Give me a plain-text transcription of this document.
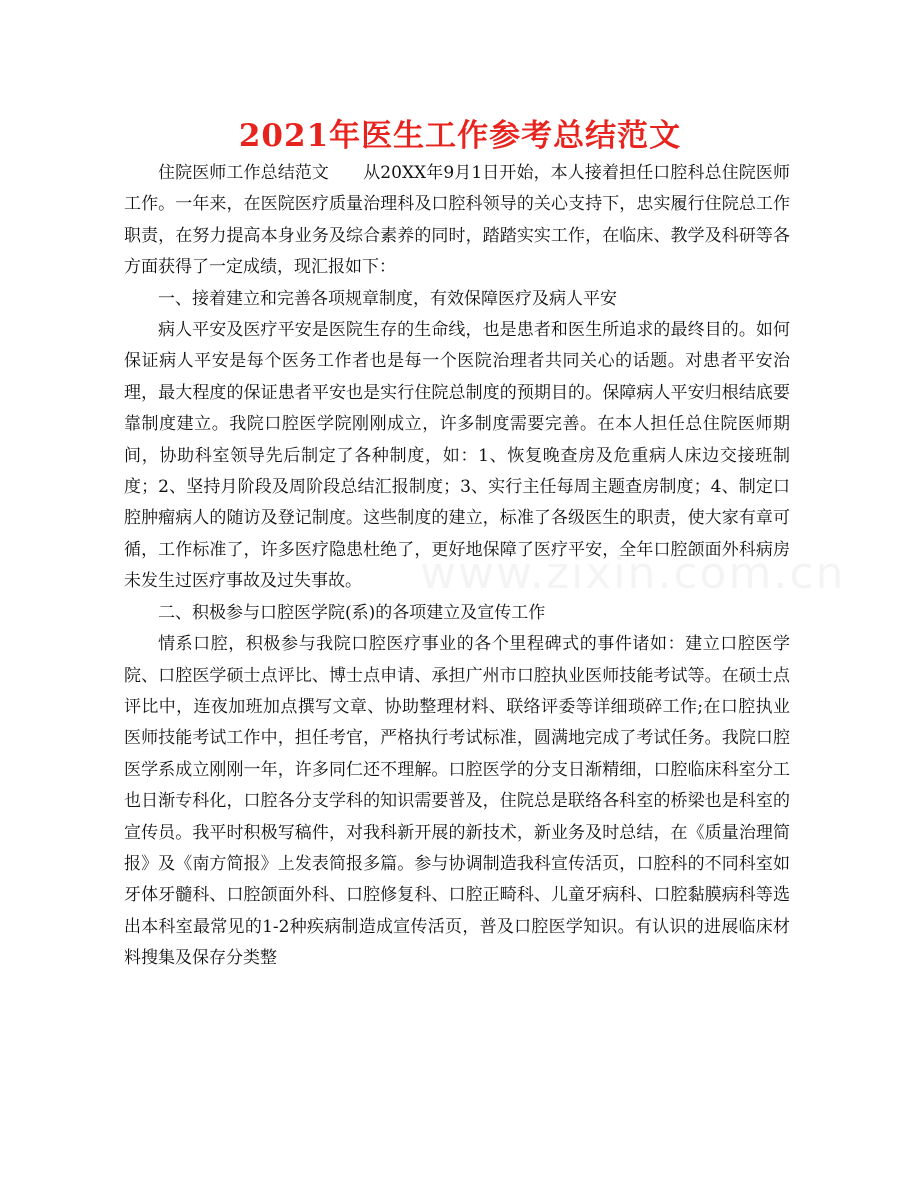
2021年医生工作参考总结范文

住院医师工作总结范文　　从20XX年9月1日开始，本人接着担任口腔科总住院医师工作。一年来，在医院医疗质量治理科及口腔科领导的关心支持下，忠实履行住院总工作职责，在努力提高本身业务及综合素养的同时，踏踏实实工作，在临床、教学及科研等各方面获得了一定成绩，现汇报如下：

一、接着建立和完善各项规章制度，有效保障医疗及病人平安

病人平安及医疗平安是医院生存的生命线，也是患者和医生所追求的最终目的。如何保证病人平安是每个医务工作者也是每一个医院治理者共同关心的话题。对患者平安治理，最大程度的保证患者平安也是实行住院总制度的预期目的。保障病人平安归根结底要靠制度建立。我院口腔医学院刚刚成立，许多制度需要完善。在本人担任总住院医师期间，协助科室领导先后制定了各种制度，如：1、恢复晚查房及危重病人床边交接班制度；2、坚持月阶段及周阶段总结汇报制度；3、实行主任每周主题查房制度；4、制定口腔肿瘤病人的随访及登记制度。这些制度的建立，标准了各级医生的职责，使大家有章可循，工作标准了，许多医疗隐患杜绝了，更好地保障了医疗平安，全年口腔颌面外科病房未发生过医疗事故及过失事故。

二、积极参与口腔医学院(系)的各项建立及宣传工作

情系口腔，积极参与我院口腔医疗事业的各个里程碑式的事件诸如：建立口腔医学院、口腔医学硕士点评比、博士点申请、承担广州市口腔执业医师技能考试等。在硕士点评比中，连夜加班加点撰写文章、协助整理材料、联络评委等详细琐碎工作;在口腔执业医师技能考试工作中，担任考官，严格执行考试标准，圆满地完成了考试任务。我院口腔医学系成立刚刚一年，许多同仁还不理解。口腔医学的分支日渐精细，口腔临床科室分工也日渐专科化，口腔各分支学科的知识需要普及，住院总是联络各科室的桥梁也是科室的宣传员。我平时积极写稿件，对我科新开展的新技术，新业务及时总结，在《质量治理简报》及《南方简报》上发表简报多篇。参与协调制造我科宣传活页，口腔科的不同科室如牙体牙髓科、口腔颌面外科、口腔修复科、口腔正畸科、儿童牙病科、口腔黏膜病科等选出本科室最常见的1-2种疾病制造成宣传活页，普及口腔医学知识。有认识的进展临床材料搜集及保存分类整
